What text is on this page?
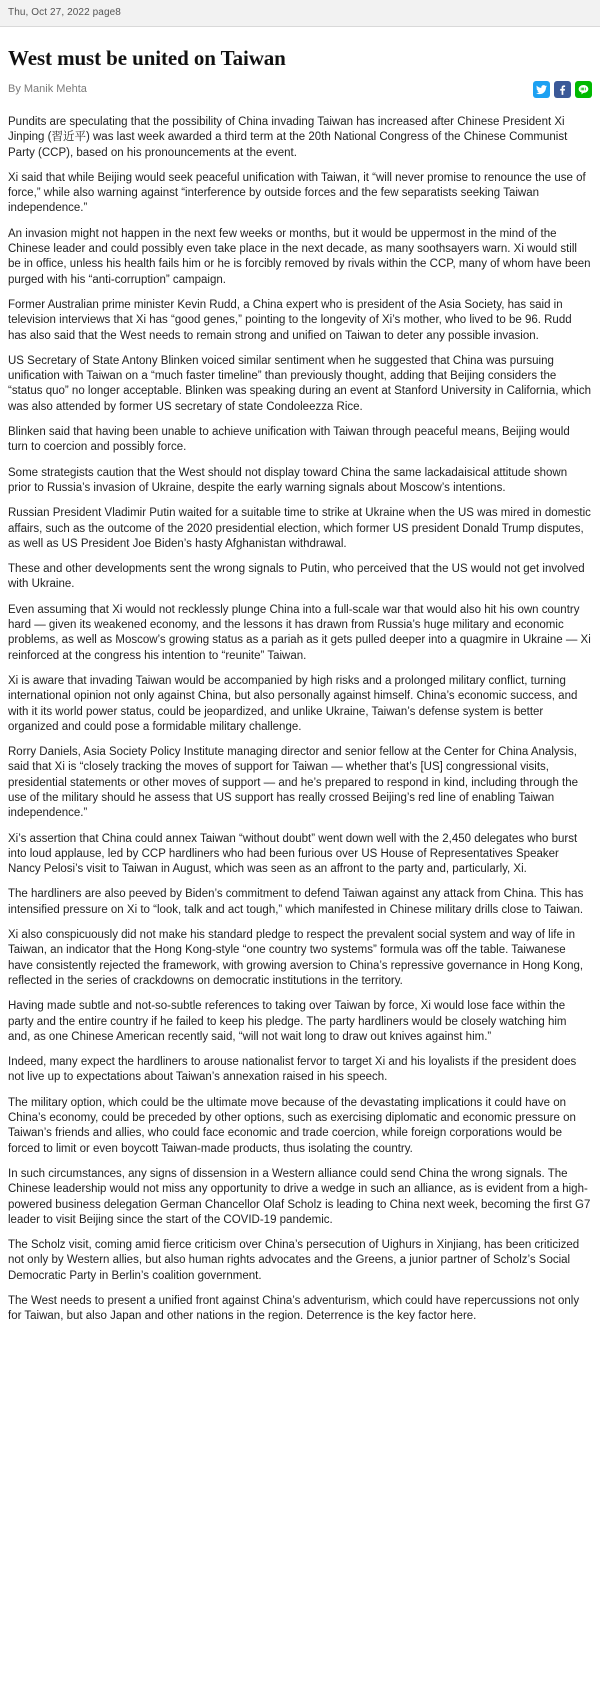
Thu, Oct 27, 2022 page8
West must be united on Taiwan
By Manik Mehta

Pundits are speculating that the possibility of China invading Taiwan has increased after Chinese President Xi Jinping (習近平) was last week awarded a third term at the 20th National Congress of the Chinese Communist Party (CCP), based on his pronouncements at the event.

Xi said that while Beijing would seek peaceful unification with Taiwan, it “will never promise to renounce the use of force,” while also warning against “interference by outside forces and the few separatists seeking Taiwan independence.”

An invasion might not happen in the next few weeks or months, but it would be uppermost in the mind of the Chinese leader and could possibly even take place in the next decade, as many soothsayers warn. Xi would still be in office, unless his health fails him or he is forcibly removed by rivals within the CCP, many of whom have been purged with his “anti-corruption” campaign.

Former Australian prime minister Kevin Rudd, a China expert who is president of the Asia Society, has said in television interviews that Xi has “good genes,” pointing to the longevity of Xi’s mother, who lived to be 96. Rudd has also said that the West needs to remain strong and unified on Taiwan to deter any possible invasion.

US Secretary of State Antony Blinken voiced similar sentiment when he suggested that China was pursuing unification with Taiwan on a “much faster timeline” than previously thought, adding that Beijing considers the “status quo” no longer acceptable. Blinken was speaking during an event at Stanford University in California, which was also attended by former US secretary of state Condoleezza Rice.

Blinken said that having been unable to achieve unification with Taiwan through peaceful means, Beijing would turn to coercion and possibly force.

Some strategists caution that the West should not display toward China the same lackadaisical attitude shown prior to Russia’s invasion of Ukraine, despite the early warning signals about Moscow’s intentions.

Russian President Vladimir Putin waited for a suitable time to strike at Ukraine when the US was mired in domestic affairs, such as the outcome of the 2020 presidential election, which former US president Donald Trump disputes, as well as US President Joe Biden’s hasty Afghanistan withdrawal.

These and other developments sent the wrong signals to Putin, who perceived that the US would not get involved with Ukraine.

Even assuming that Xi would not recklessly plunge China into a full-scale war that would also hit his own country hard — given its weakened economy, and the lessons it has drawn from Russia’s huge military and economic problems, as well as Moscow’s growing status as a pariah as it gets pulled deeper into a quagmire in Ukraine — Xi reinforced at the congress his intention to “reunite” Taiwan.

Xi is aware that invading Taiwan would be accompanied by high risks and a prolonged military conflict, turning international opinion not only against China, but also personally against himself. China’s economic success, and with it its world power status, could be jeopardized, and unlike Ukraine, Taiwan’s defense system is better organized and could pose a formidable military challenge.

Rorry Daniels, Asia Society Policy Institute managing director and senior fellow at the Center for China Analysis, said that Xi is “closely tracking the moves of support for Taiwan — whether that’s [US] congressional visits, presidential statements or other moves of support — and he’s prepared to respond in kind, including through the use of the military should he assess that US support has really crossed Beijing’s red line of enabling Taiwan independence.”

Xi’s assertion that China could annex Taiwan “without doubt” went down well with the 2,450 delegates who burst into loud applause, led by CCP hardliners who had been furious over US House of Representatives Speaker Nancy Pelosi’s visit to Taiwan in August, which was seen as an affront to the party and, particularly, Xi.

The hardliners are also peeved by Biden’s commitment to defend Taiwan against any attack from China. This has intensified pressure on Xi to “look, talk and act tough,” which manifested in Chinese military drills close to Taiwan.

Xi also conspicuously did not make his standard pledge to respect the prevalent social system and way of life in Taiwan, an indicator that the Hong Kong-style “one country two systems” formula was off the table. Taiwanese have consistently rejected the framework, with growing aversion to China’s repressive governance in Hong Kong, reflected in the series of crackdowns on democratic institutions in the territory.

Having made subtle and not-so-subtle references to taking over Taiwan by force, Xi would lose face within the party and the entire country if he failed to keep his pledge. The party hardliners would be closely watching him and, as one Chinese American recently said, “will not wait long to draw out knives against him.”

Indeed, many expect the hardliners to arouse nationalist fervor to target Xi and his loyalists if the president does not live up to expectations about Taiwan’s annexation raised in his speech.

The military option, which could be the ultimate move because of the devastating implications it could have on China’s economy, could be preceded by other options, such as exercising diplomatic and economic pressure on Taiwan’s friends and allies, who could face economic and trade coercion, while foreign corporations would be forced to limit or even boycott Taiwan-made products, thus isolating the country.

In such circumstances, any signs of dissension in a Western alliance could send China the wrong signals. The Chinese leadership would not miss any opportunity to drive a wedge in such an alliance, as is evident from a high-powered business delegation German Chancellor Olaf Scholz is leading to China next week, becoming the first G7 leader to visit Beijing since the start of the COVID-19 pandemic.

The Scholz visit, coming amid fierce criticism over China’s persecution of Uighurs in Xinjiang, has been criticized not only by Western allies, but also human rights advocates and the Greens, a junior partner of Scholz’s Social Democratic Party in Berlin’s coalition government.

The West needs to present a unified front against China’s adventurism, which could have repercussions not only for Taiwan, but also Japan and other nations in the region. Deterrence is the key factor here.
